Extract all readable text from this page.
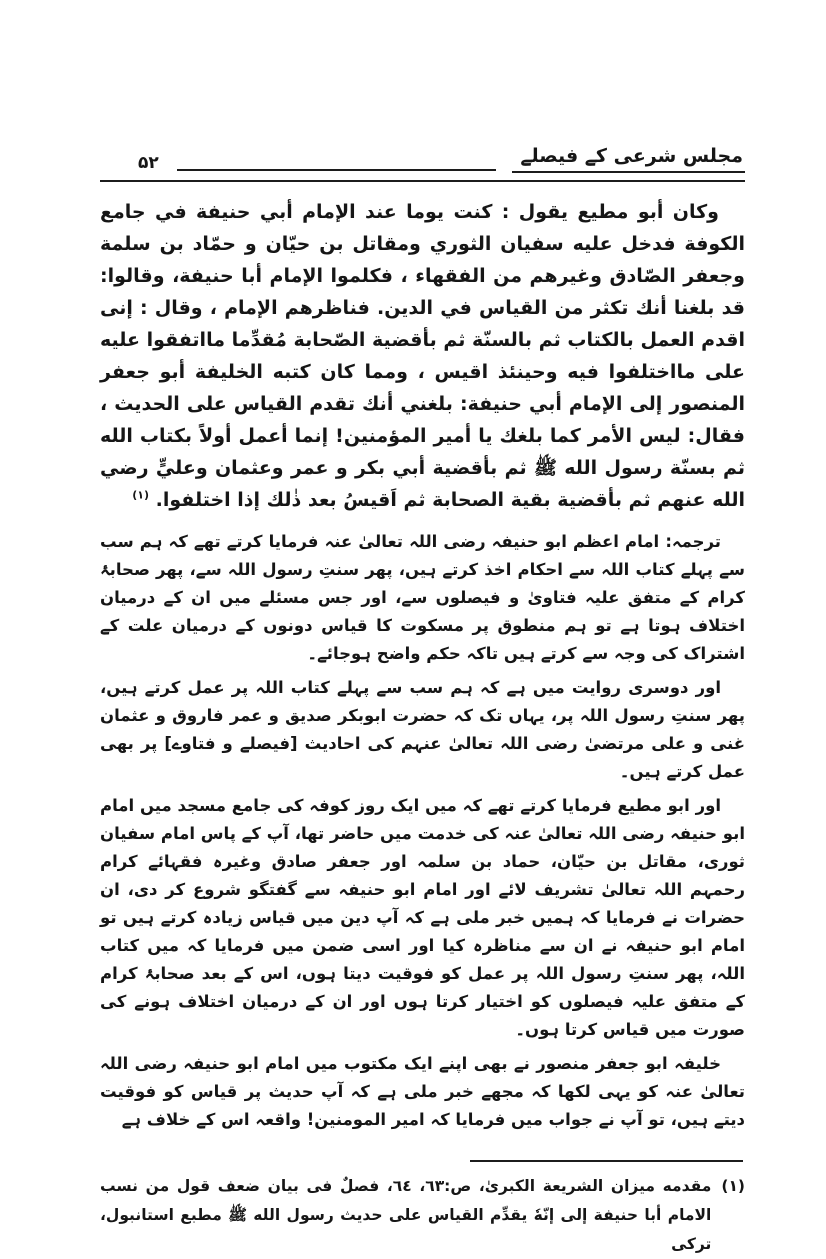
۵۲	مجلس شرعی کے فیصلے

وکان أبو مطیع یقول : کنت یوما عند الإمام أبي حنیفة في جامع الکوفة فدخل علیه سفیان الثوري ومقاتل بن حیّان و حمّاد بن سلمة وجعفر الصّادق وغیرهم من الفقهاء ، فکلموا الإمام أبا حنیفة، وقالوا: قد بلغنا أنك تکثر من القیاس في الدین. فناظرهم الإمام ، وقال : إنی اقدم العمل بالکتاب ثم بالسنّة ثم بأقضیة الصّحابة مُقدِّما مااتفقوا علیه علی مااختلفوا فیه وحینئذ اقیس ، ومما کان کتبه الخلیفة أبو جعفر المنصور إلی الإمام أبي حنیفة: بلغني أنك تقدم القیاس علی الحدیث ، فقال: لیس الأمر کما بلغك یا أمیر المؤمنین! إنما أعمل أولاً بکتاب الله ثم بسنّة رسول الله ﷺ ثم بأقضیة أبي بکر و عمر وعثمان وعليٍّ رضي الله عنهم ثم بأقضیة بقیة الصحابة ثم اَقیسُ بعد ذٰلك إذا اختلفوا. $^{(۱)}$

ترجمہ: امام اعظم ابو حنیفہ رضی اللہ تعالیٰ عنہ فرمایا کرتے تھے کہ ہم سب سے پہلے کتاب اللہ سے احکام اخذ کرتے ہیں، پھر سنتِ رسول اللہ سے، پھر صحابۂ کرام کے متفق علیہ فتاویٰ و فیصلوں سے، اور جس مسئلے میں ان کے درمیان اختلاف ہوتا ہے تو ہم منطوق پر مسکوت کا قیاس دونوں کے درمیان علت کے اشتراک کی وجہ سے کرتے ہیں تاکہ حکم واضح ہوجائے۔

اور دوسری روایت میں ہے کہ ہم سب سے پہلے کتاب اللہ پر عمل کرتے ہیں، پھر سنتِ رسول اللہ پر، یہاں تک کہ حضرت ابوبکر صدیق و عمر فاروق و عثمان غنی و علی مرتضیٰ رضی اللہ تعالیٰ عنہم کی احادیث [فیصلے و فتاوے] پر بھی عمل کرتے ہیں۔

اور ابو مطیع فرمایا کرتے تھے کہ میں ایک روز کوفہ کی جامع مسجد میں امام ابو حنیفہ رضی اللہ تعالیٰ عنہ کی خدمت میں حاضر تھا، آپ کے پاس امام سفیان ثوری، مقاتل بن حیّان، حماد بن سلمہ اور جعفر صادق وغیرہ فقہائے کرام رحمہم اللہ تعالیٰ تشریف لائے اور امام ابو حنیفہ سے گفتگو شروع کر دی، ان حضرات نے فرمایا کہ ہمیں خبر ملی ہے کہ آپ دین میں قیاس زیادہ کرتے ہیں تو امام ابو حنیفہ نے ان سے مناظرہ کیا اور اسی ضمن میں فرمایا کہ میں کتاب اللہ، پھر سنتِ رسول اللہ پر عمل کو فوقیت دیتا ہوں، اس کے بعد صحابۂ کرام کے متفق علیہ فیصلوں کو اختیار کرتا ہوں اور ان کے درمیان اختلاف ہونے کی صورت میں قیاس کرتا ہوں۔

خلیفہ ابو جعفر منصور نے بھی اپنے ایک مکتوب میں امام ابو حنیفہ رضی اللہ تعالیٰ عنہ کو یہی لکھا کہ مجھے خبر ملی ہے کہ آپ حدیث پر قیاس کو فوقیت دیتے ہیں، تو آپ نے جواب میں فرمایا کہ امیر المومنین! واقعہ اس کے خلاف ہے

(۱)
مقدمه میزان الشریعة الکبریٰ، ص:٦٣، ٦٤، فصلٌ فی بیان ضعف قول من نسب الامام أبا حنیفة إلی إنّهٗ یقدِّم القیاس علی حدیث رسول الله ﷺ مطبع استانبول، ترکی
